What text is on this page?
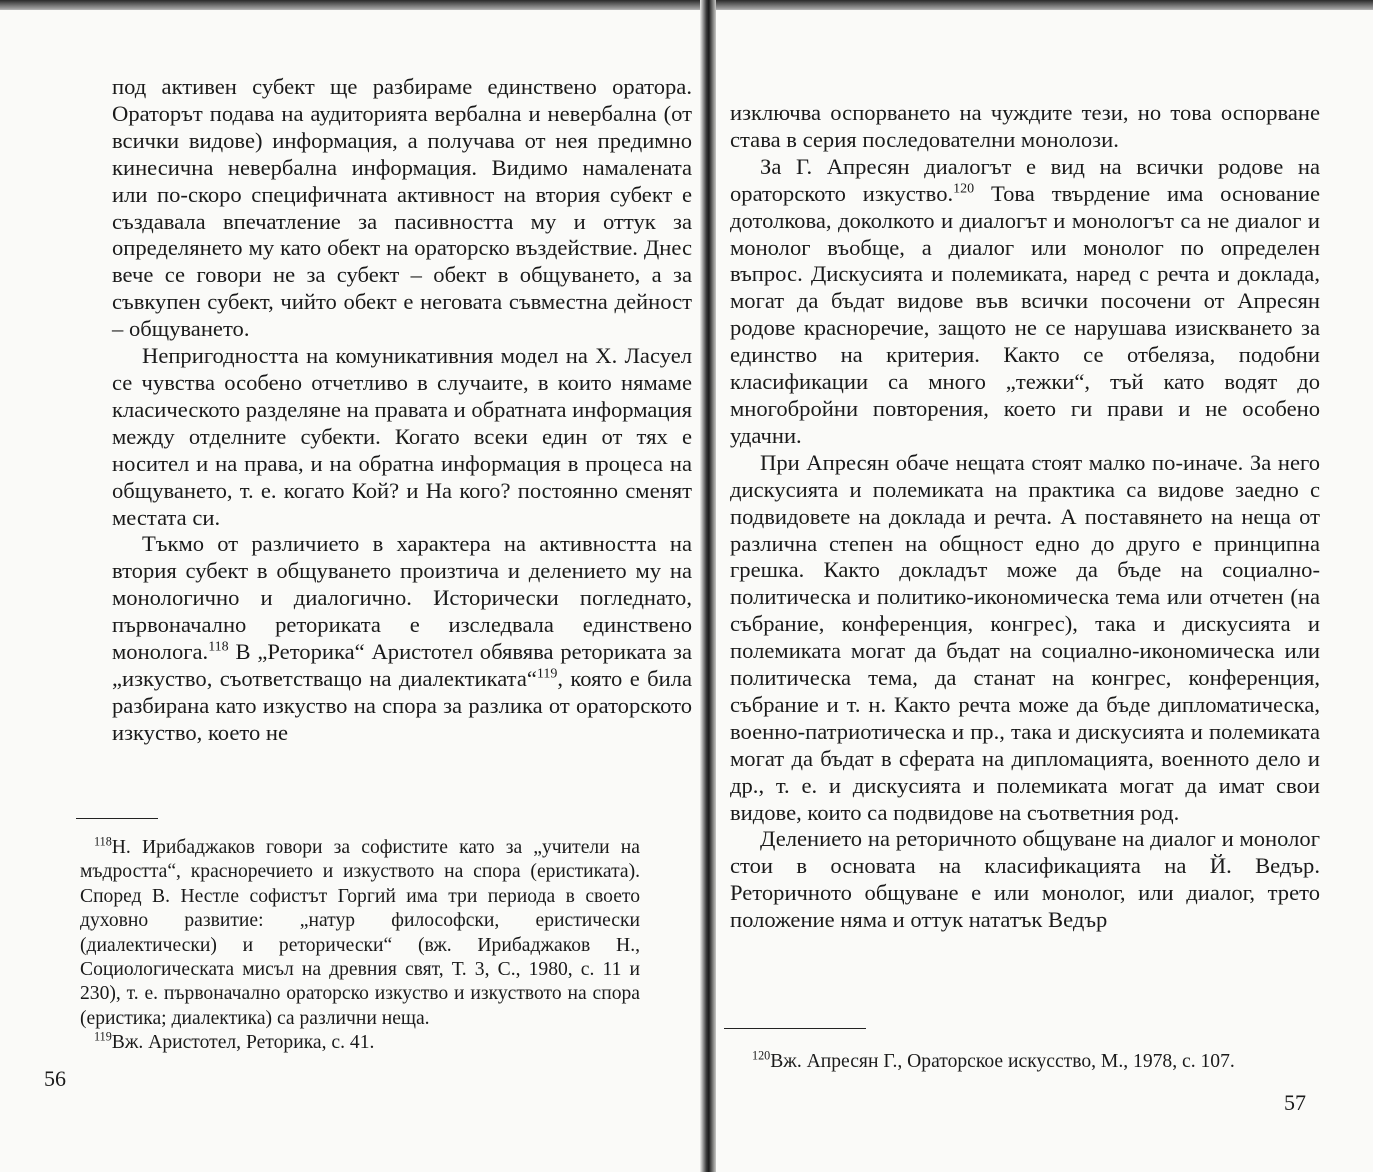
под активен субект ще разбираме единствено оратора. Ораторът подава на аудиторията вербална и невербална (от всички видове) информация, а получава от нея предимно кинесична невербална информация. Видимо намалената или по-скоро специфичната активност на втория субект е създавала впечатление за пасивността му и оттук за определянето му като обект на ораторско въздействие. Днес вече се говори не за субект – обект в общуването, а за съвкупен субект, чийто обект е неговата съвместна дейност – общуването.

Непригодността на комуникативния модел на Х. Ласуел се чувства особено отчетливо в случаите, в които нямаме класическото разделяне на правата и обратната информация между отделните субекти. Когато всеки един от тях е носител и на права, и на обратна информация в процеса на общуването, т. е. когато Кой? и На кого? постоянно сменят местата си.

Тъкмо от различието в характера на активността на втория субект в общуването произтича и делението му на монологично и диалогично. Исторически погледнато, първоначално реториката е изследвала единствено монолога.$^{118}$ В „Реторика“ Аристотел обявява реториката за „изкуство, съответстващо на диалектиката“$^{119}$, която е била разбирана като изкуство на спора за разлика от ораторското изкуство, което не

$^{118}$Н. Ирибаджаков говори за софистите като за „учители на мъдростта“, красноречието и изкуството на спора (еристиката). Според В. Нестле софистът Горгий има три периода в своето духовно развитие: „натур философски, еристически (диалектически) и реторически“ (вж. Ирибаджаков Н., Социологическата мисъл на древния свят, Т. 3, С., 1980, с. 11 и 230), т. е. първоначално ораторско изкуство и изкуството на спора (еристика; диалектика) са различни неща.

$^{119}$Вж. Аристотел, Реторика, с. 41.

56

изключва оспорването на чуждите тези, но това оспорване става в серия последователни монолози.

За Г. Апресян диалогът е вид на всички родове на ораторското изкуство.$^{120}$ Това твърдение има основание дотолкова, доколкото и диалогът и монологът са не диалог и монолог въобще, а диалог или монолог по определен въпрос. Дискусията и полемиката, наред с речта и доклада, могат да бъдат видове във всички посочени от Апресян родове красноречие, защото не се нарушава изискването за единство на критерия. Както се отбеляза, подобни класификации са много „тежки“, тъй като водят до многобройни повторения, което ги прави и не особено удачни.

При Апресян обаче нещата стоят малко по-иначе. За него дискусията и полемиката на практика са видове заедно с подвидовете на доклада и речта. А поставянето на неща от различна степен на общност едно до друго е принципна грешка. Както докладът може да бъде на социално-политическа и политико-икономическа тема или отчетен (на събрание, конференция, конгрес), така и дискусията и полемиката могат да бъдат на социално-икономическа или политическа тема, да станат на конгрес, конференция, събрание и т. н. Както речта може да бъде дипломатическа, военно-патриотическа и пр., така и дискусията и полемиката могат да бъдат в сферата на дипломацията, военното дело и др., т. е. и дискусията и полемиката могат да имат свои видове, които са подвидове на съответния род.

Делението на реторичното общуване на диалог и монолог стои в основата на класификацията на Й. Ведър. Реторичното общуване е или монолог, или диалог, трето положение няма и оттук нататък Ведър

$^{120}$Вж. Апресян Г., Ораторское искусство, М., 1978, с. 107.

57
